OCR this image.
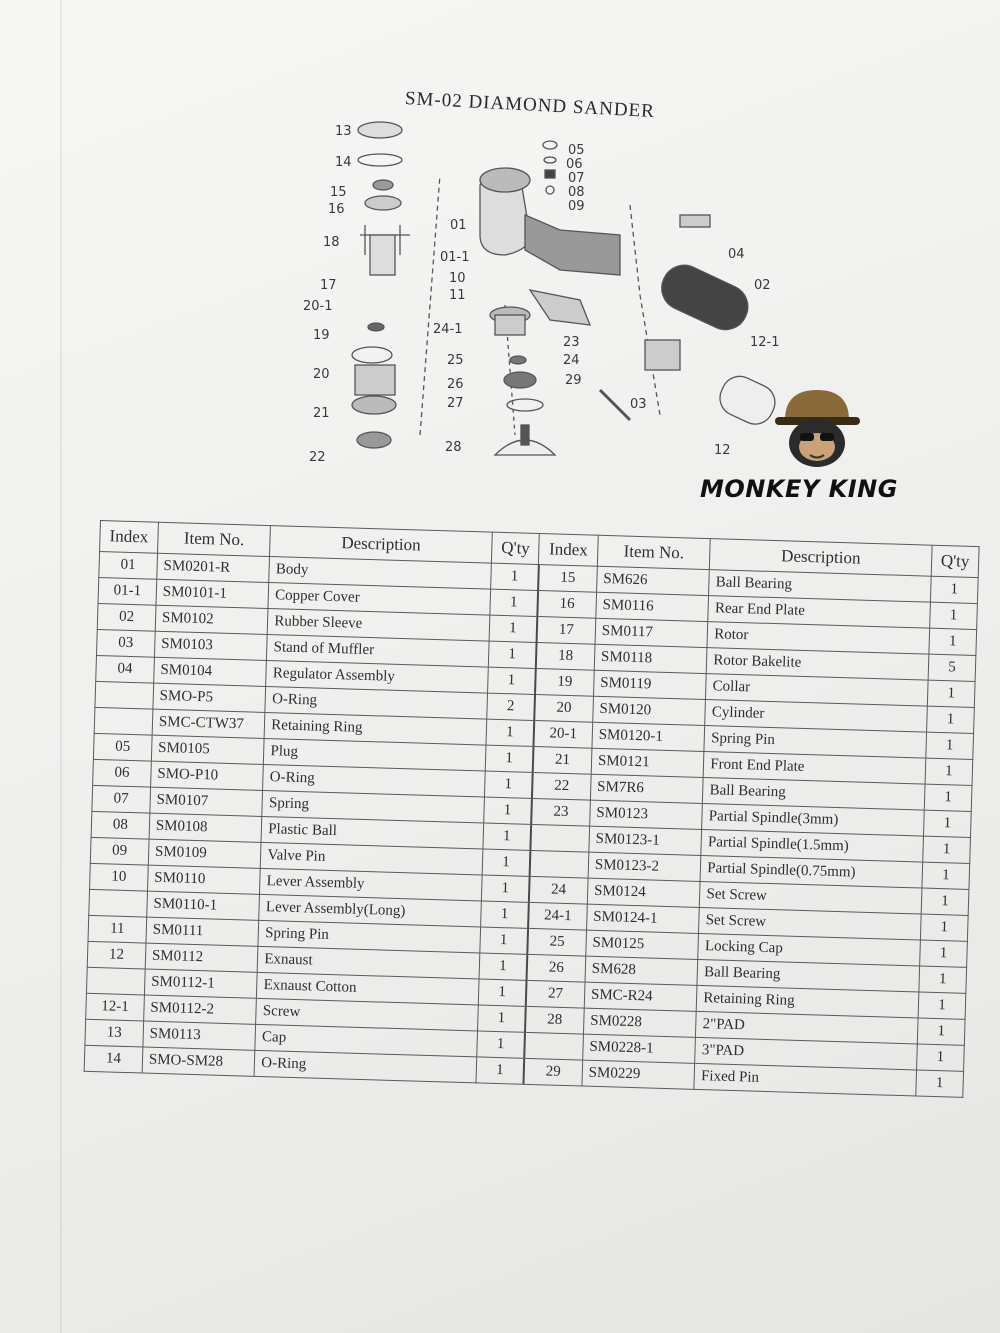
SM-02 DIAMOND SANDER
13
14
15
16
18
17
20-1
19
20
21
22
01
01-1
10
11
24-1
25
26
27
28
05
06
07
08
09
04
02
12-1
23
24
29
03
12
MONKEY KING
Index	Item No.	Description	Q'ty	Index	Item No.	Description	Q'ty
01	SM0201-R	Body	1	15	SM626	Ball Bearing	1
01-1	SM0101-1	Copper Cover	1	16	SM0116	Rear End Plate	1
02	SM0102	Rubber Sleeve	1	17	SM0117	Rotor	1
03	SM0103	Stand of Muffler	1	18	SM0118	Rotor Bakelite	5
04	SM0104	Regulator Assembly	1	19	SM0119	Collar	1
	SMO-P5	O-Ring	2	20	SM0120	Cylinder	1
	SMC-CTW37	Retaining Ring	1	20-1	SM0120-1	Spring Pin	1
05	SM0105	Plug	1	21	SM0121	Front End Plate	1
06	SMO-P10	O-Ring	1	22	SM7R6	Ball Bearing	1
07	SM0107	Spring	1	23	SM0123	Partial Spindle(3mm)	1
08	SM0108	Plastic Ball	1		SM0123-1	Partial Spindle(1.5mm)	1
09	SM0109	Valve Pin	1		SM0123-2	Partial Spindle(0.75mm)	1
10	SM0110	Lever Assembly	1	24	SM0124	Set Screw	1
	SM0110-1	Lever Assembly(Long)	1	24-1	SM0124-1	Set Screw	1
11	SM0111	Spring Pin	1	25	SM0125	Locking Cap	1
12	SM0112	Exnaust	1	26	SM628	Ball Bearing	1
	SM0112-1	Exnaust Cotton	1	27	SMC-R24	Retaining Ring	1
12-1	SM0112-2	Screw	1	28	SM0228	2"PAD	1
13	SM0113	Cap	1		SM0228-1	3"PAD	1
14	SMO-SM28	O-Ring	1	29	SM0229	Fixed Pin	1
